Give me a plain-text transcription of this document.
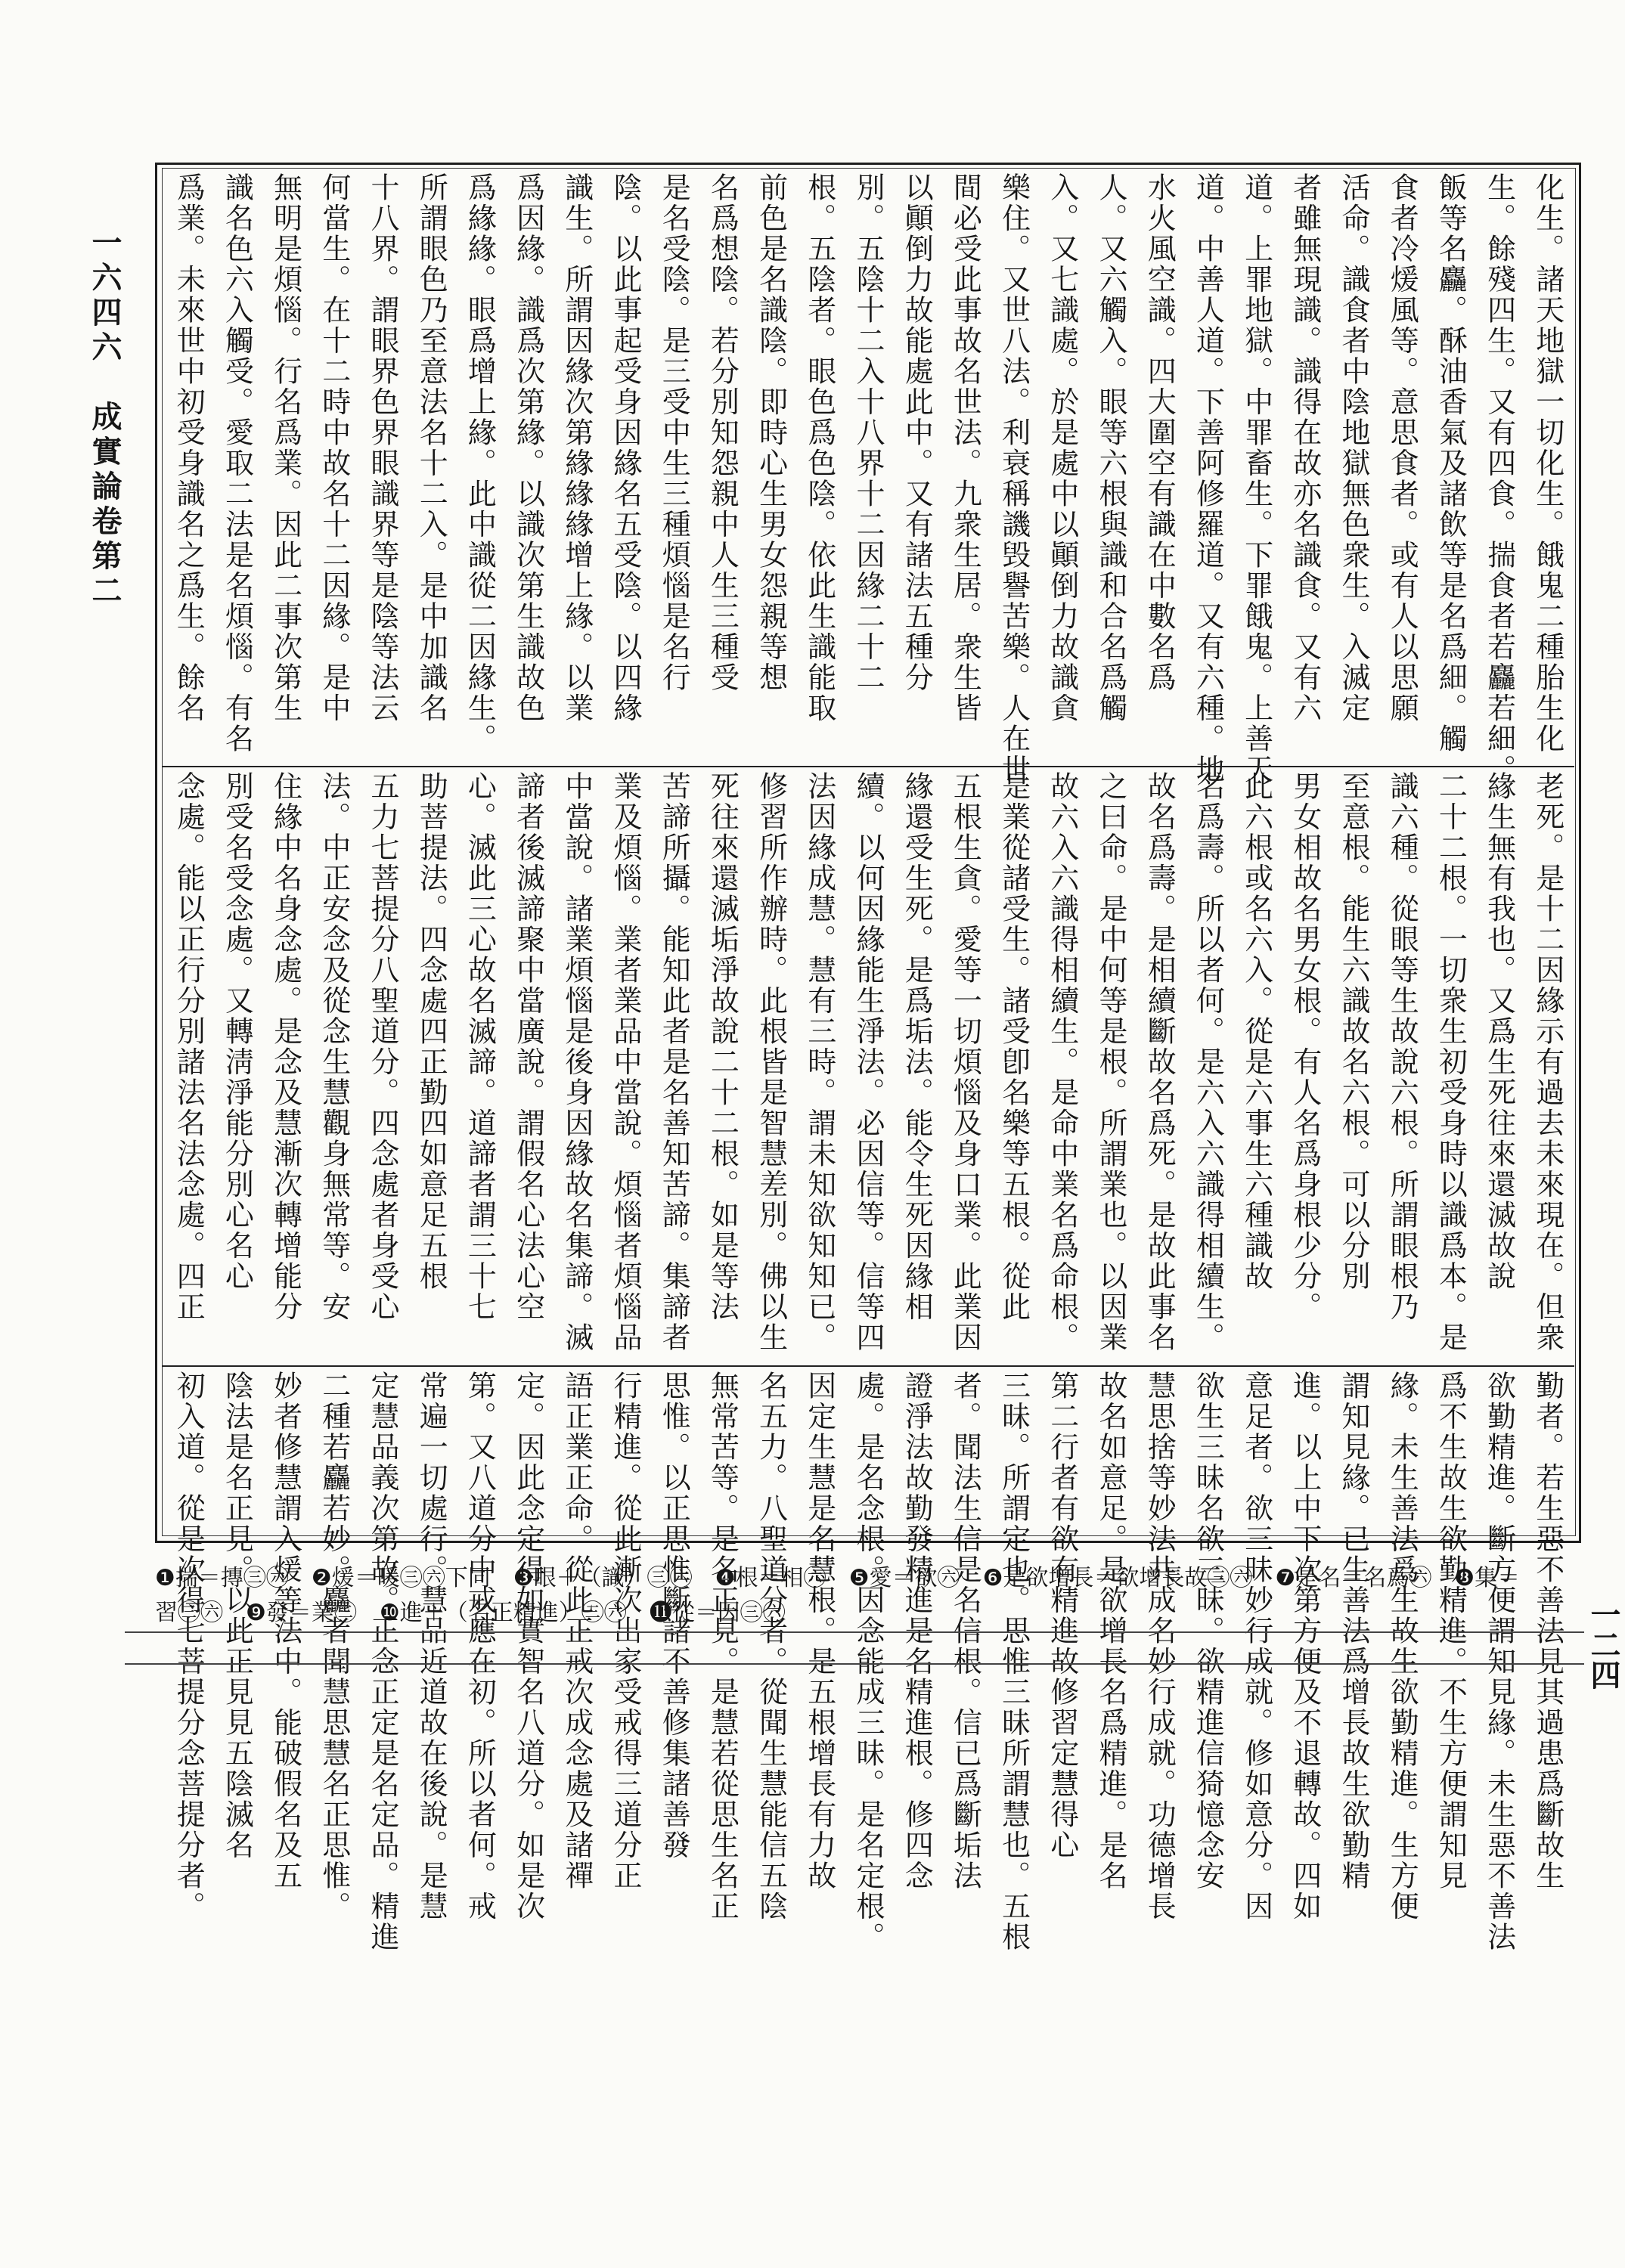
一六四六　成實論卷第二	化生。諸天地獄一切化生。餓鬼二種胎生化
生。餘殘四生。又有四食。揣食者若麤若細。
飯等名麤。酥油香氣及諸飲等是名爲細。觸
食者冷煖風等。意思食者。或有人以思願
活命。識食者中陰地獄無色衆生。入滅定
者雖無現識。識得在故亦名識食。又有六
道。上罪地獄。中罪畜生。下罪餓鬼。上善天
道。中善人道。下善阿修羅道。又有六種。地
水火風空識。四大圍空有識在中數名爲
人。又六觸入。眼等六根與識和合名爲觸
入。又七識處。於是處中以顚倒力故識貪
樂住。又世八法。利衰稱譏毁譽苦樂。人在世
間必受此事故名世法。九衆生居。衆生皆
以顚倒力故能處此中。又有諸法五種分
別。五陰十二入十八界十二因緣二十二
根。五陰者。眼色爲色陰。依此生識能取
前色是名識陰。即時心生男女怨親等想
名爲想陰。若分別知怨親中人生三種受
是名受陰。是三受中生三種煩惱是名行
陰。以此事起受身因緣名五受陰。以四緣
識生。所謂因緣次第緣緣緣增上緣。以業
爲因緣。識爲次第緣。以識次第生識故色
爲緣緣。眼爲增上緣。此中識從二因緣生。
所謂眼色乃至意法名十二入。是中加識名
十八界。謂眼界色界眼識界等是陰等法云
何當生。在十二時中故名十二因緣。是中
無明是煩惱。行名爲業。因此二事次第生
識名色六入觸受。愛取二法是名煩惱。有名
爲業。未來世中初受身識名之爲生。餘名
老死。是十二因緣示有過去未來現在。但衆
緣生無有我也。又爲生死往來還滅故說
二十二根。一切衆生初受身時以識爲本。是
識六種。從眼等生故說六根。所謂眼根乃
至意根。能生六識故名六根。可以分別
男女相故名男女根。有人名爲身根少分。
此六根或名六入。從是六事生六種識故
名爲壽。所以者何。是六入六識得相續生。
故名爲壽。是相續斷故名爲死。是故此事名
之曰命。是中何等是根。所謂業也。以因業
故六入六識得相續生。是命中業名爲命根。
是業從諸受生。諸受卽名樂等五根。從此
五根生貪。愛等一切煩惱及身口業。此業因
緣還受生死。是爲垢法。能令生死因緣相
續。以何因緣能生淨法。必因信等。信等四
法因緣成慧。慧有三時。謂未知欲知知已。
修習所作辦時。此根皆是智慧差別。佛以生
死往來還滅垢淨故說二十二根。如是等法
苦諦所攝。能知此者是名善知苦諦。集諦者
業及煩惱。業者業品中當說。煩惱者煩惱品
中當說。諸業煩惱是後身因緣故名集諦。滅
諦者後滅諦聚中當廣說。謂假名心法心空
心。滅此三心故名滅諦。道諦者謂三十七
助菩提法。四念處四正勤四如意足五根
五力七菩提分八聖道分。四念處者身受心
法。中正安念及從念生慧觀身無常等。安
住緣中名身念處。是念及慧漸次轉增能分
別受名受念處。又轉淸淨能分別心名心
念處。能以正行分別諸法名法念處。四正
勤者。若生惡不善法見其過患爲斷故生
欲勤精進。斷方便謂知見緣。未生惡不善法
爲不生故生欲勤精進。不生方便謂知見
緣。未生善法爲生故生欲勤精進。生方便
謂知見緣。已生善法爲增長故生欲勤精
進。以上中下次第方便及不退轉故。四如
意足者。欲三昧妙行成就。修如意分。因
欲生三昧名欲三昧。欲精進信猗憶念安
慧思捨等妙法共成名妙行成就。功德增長
故名如意足。是欲增長名爲精進。是名
第二行者有欲有精進故修習定慧得心
三昧。所謂定也。思惟三昧所謂慧也。五根
者。聞法生信是名信根。信已爲斷垢法
證淨法故勤發精進是名精進根。修四念
處。是名念根。因念能成三昧。是名定根。
因定生慧是名慧根。是五根增長有力故
名五力。八聖道分者。從聞生慧能信五陰
無常苦等。是名正見。是慧若從思生名正
思惟。以正思惟斷諸不善修集諸善發
行精進。從此漸次出家受戒得三道分正
語正業正命。從此正戒次成念處及諸禪
定。因此念定得如實智名八道分。如是次
第。又八道分中戒應在初。所以者何。戒
常遍一切處行。慧品近道故在後說。是慧
定慧品義次第故。正念正定是名定品。精進
二種若麤若妙。麤者聞慧思慧名正思惟。
妙者修慧謂入煖等法中。能破假名及五
陰法是名正見。以此正見見五陰滅名
初入道。從是次得七菩提分念菩提分者。	一二四
❶揣＝摶㊂㊅　❷煖＝暖㊂㊅下同　❸眼＋（識）㊂㊅　❹根＝相㊅　❺愛＝欲㊅　❻是欲增長＝欲增長故㊂㊅　❼是名＝名爲㊅　❽集＝
習㊂㊅　❾發＝業㊂　❿進＋（名正精進）㊂㊅　⓫從＝因㊂㊅
